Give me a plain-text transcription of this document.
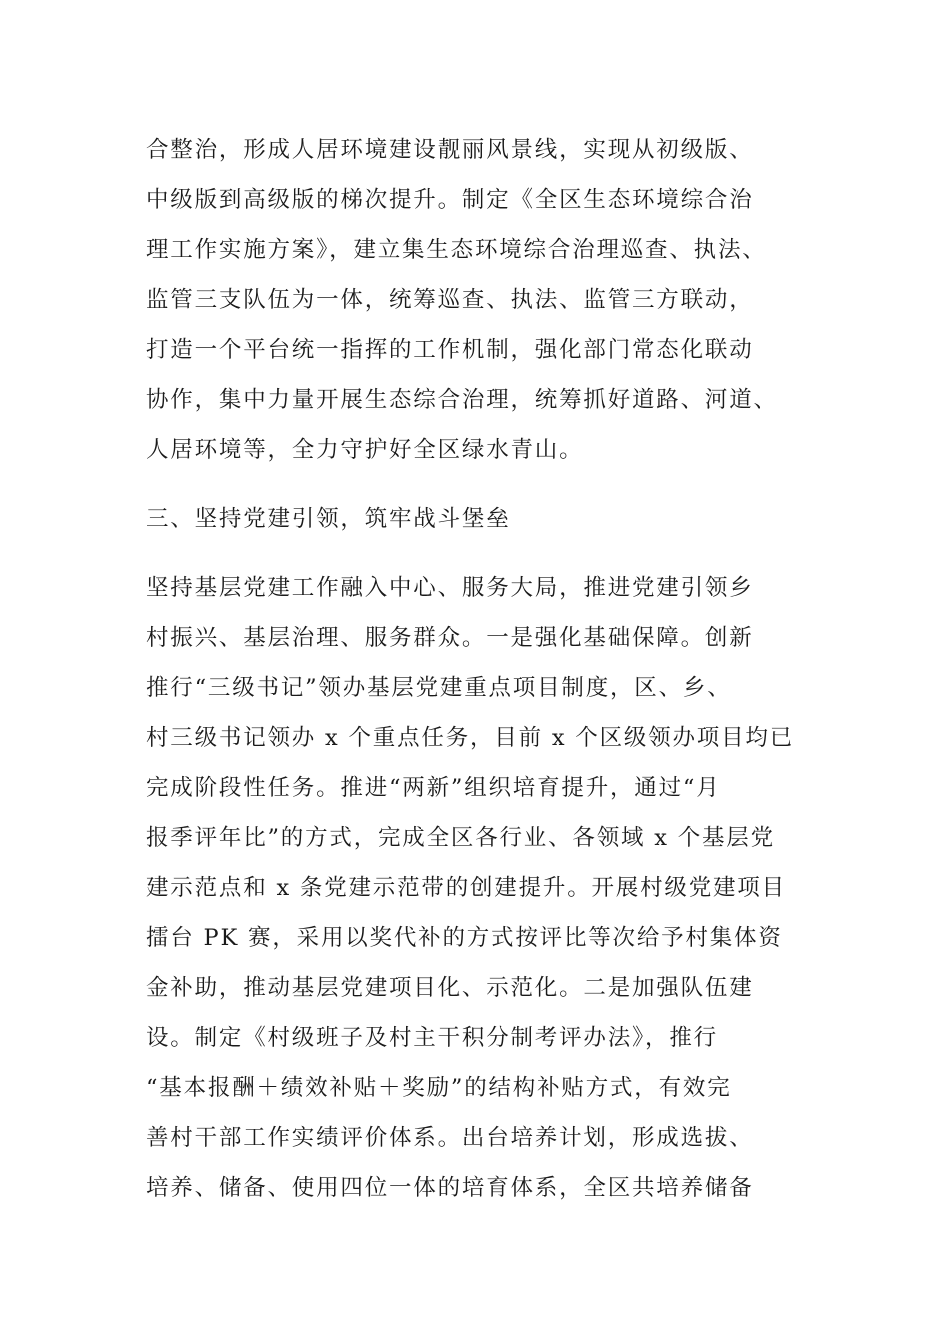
合整治，形成人居环境建设靓丽风景线，实现从初级版、
中级版到高级版的梯次提升。制定《全区生态环境综合治
理工作实施方案》，建立集生态环境综合治理巡查、执法、
监管三支队伍为一体，统筹巡查、执法、监管三方联动，
打造一个平台统一指挥的工作机制，强化部门常态化联动
协作，集中力量开展生态综合治理，统筹抓好道路、河道、
人居环境等，全力守护好全区绿水青山。
三、坚持党建引领，筑牢战斗堡垒
坚持基层党建工作融入中心、服务大局，推进党建引领乡
村振兴、基层治理、服务群众。一是强化基础保障。创新
推行“三级书记”领办基层党建重点项目制度，区、乡、
村三级书记领办 x 个重点任务，目前 x 个区级领办项目均已
完成阶段性任务。推进“两新”组织培育提升，通过“月
报季评年比”的方式，完成全区各行业、各领域 x 个基层党
建示范点和 x 条党建示范带的创建提升。开展村级党建项目
擂台 PK 赛，采用以奖代补的方式按评比等次给予村集体资
金补助，推动基层党建项目化、示范化。二是加强队伍建
设。制定《村级班子及村主干积分制考评办法》，推行
“基本报酬＋绩效补贴＋奖励”的结构补贴方式，有效完
善村干部工作实绩评价体系。出台培养计划，形成选拔、
培养、储备、使用四位一体的培育体系，全区共培养储备
